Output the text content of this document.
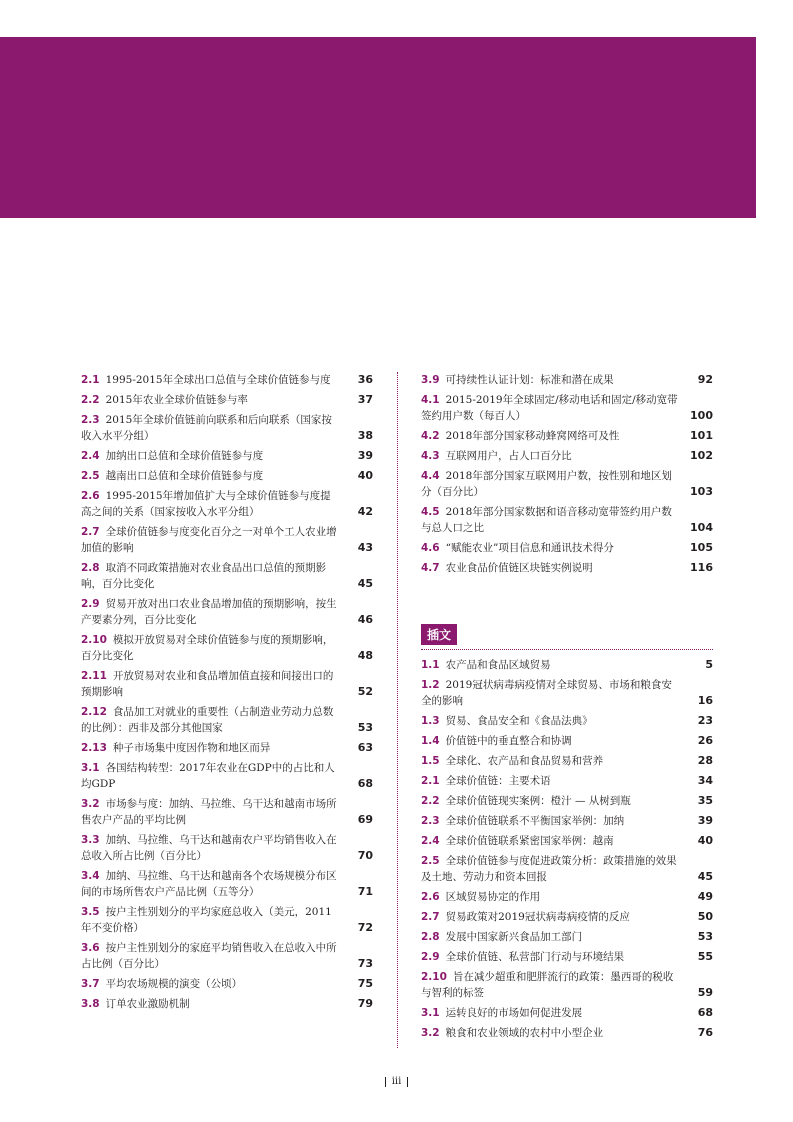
2.1 1995-2015年全球出口总值与全球价值链参与度	36
2.2 2015年农业全球价值链参与率	37
2.3 2015年全球价值链前向联系和后向联系（国家按收入水平分组）	38
2.4 加纳出口总值和全球价值链参与度	39
2.5 越南出口总值和全球价值链参与度	40
2.6 1995-2015年增加值扩大与全球价值链参与度提高之间的关系（国家按收入水平分组）	42
2.7 全球价值链参与度变化百分之一对单个工人农业增加值的影响	43
2.8 取消不同政策措施对农业食品出口总值的预期影响，百分比变化	45
2.9 贸易开放对出口农业食品增加值的预期影响，按生产要素分列，百分比变化	46
2.10 模拟开放贸易对全球价值链参与度的预期影响，百分比变化	48
2.11 开放贸易对农业和食品增加值直接和间接出口的预期影响	52
2.12 食品加工对就业的重要性（占制造业劳动力总数的比例）：西非及部分其他国家	53
2.13 种子市场集中度因作物和地区而异	63
3.1 各国结构转型：2017年农业在GDP中的占比和人均GDP	68
3.2 市场参与度：加纳、马拉维、乌干达和越南市场所售农户产品的平均比例	69
3.3 加纳、马拉维、乌干达和越南农户平均销售收入在总收入所占比例（百分比）	70
3.4 加纳、马拉维、乌干达和越南各个农场规模分布区间的市场所售农户产品比例（五等分）	71
3.5 按户主性别划分的平均家庭总收入（美元，2011年不变价格）	72
3.6 按户主性别划分的家庭平均销售收入在总收入中所占比例（百分比）	73
3.7 平均农场规模的演变（公顷）	75
3.8 订单农业激励机制	79
3.9 可持续性认证计划：标准和潜在成果	92
4.1 2015-2019年全球固定/移动电话和固定/移动宽带签约用户数（每百人）	100
4.2 2018年部分国家移动蜂窝网络可及性	101
4.3 互联网用户，占人口百分比	102
4.4 2018年部分国家互联网用户数，按性别和地区划分（百分比）	103
4.5 2018年部分国家数据和语音移动宽带签约用户数与总人口之比	104
4.6 “赋能农业”项目信息和通讯技术得分	105
4.7 农业食品价值链区块链实例说明	116
插文
1.1 农产品和食品区域贸易	5
1.2 2019冠状病毒病疫情对全球贸易、市场和粮食安全的影响	16
1.3 贸易、食品安全和《食品法典》	23
1.4 价值链中的垂直整合和协调	26
1.5 全球化、农产品和食品贸易和营养	28
2.1 全球价值链：主要术语	34
2.2 全球价值链现实案例：橙汁 — 从树到瓶	35
2.3 全球价值链联系不平衡国家举例：加纳	39
2.4 全球价值链联系紧密国家举例：越南	40
2.5 全球价值链参与度促进政策分析：政策措施的效果及土地、劳动力和资本回报	45
2.6 区域贸易协定的作用	49
2.7 贸易政策对2019冠状病毒病疫情的反应	50
2.8 发展中国家新兴食品加工部门	53
2.9 全球价值链、私营部门行动与环境结果	55
2.10 旨在减少超重和肥胖流行的政策：墨西哥的税收与智利的标签	59
3.1 运转良好的市场如何促进发展	68
3.2 粮食和农业领域的农村中小型企业	76
iii
